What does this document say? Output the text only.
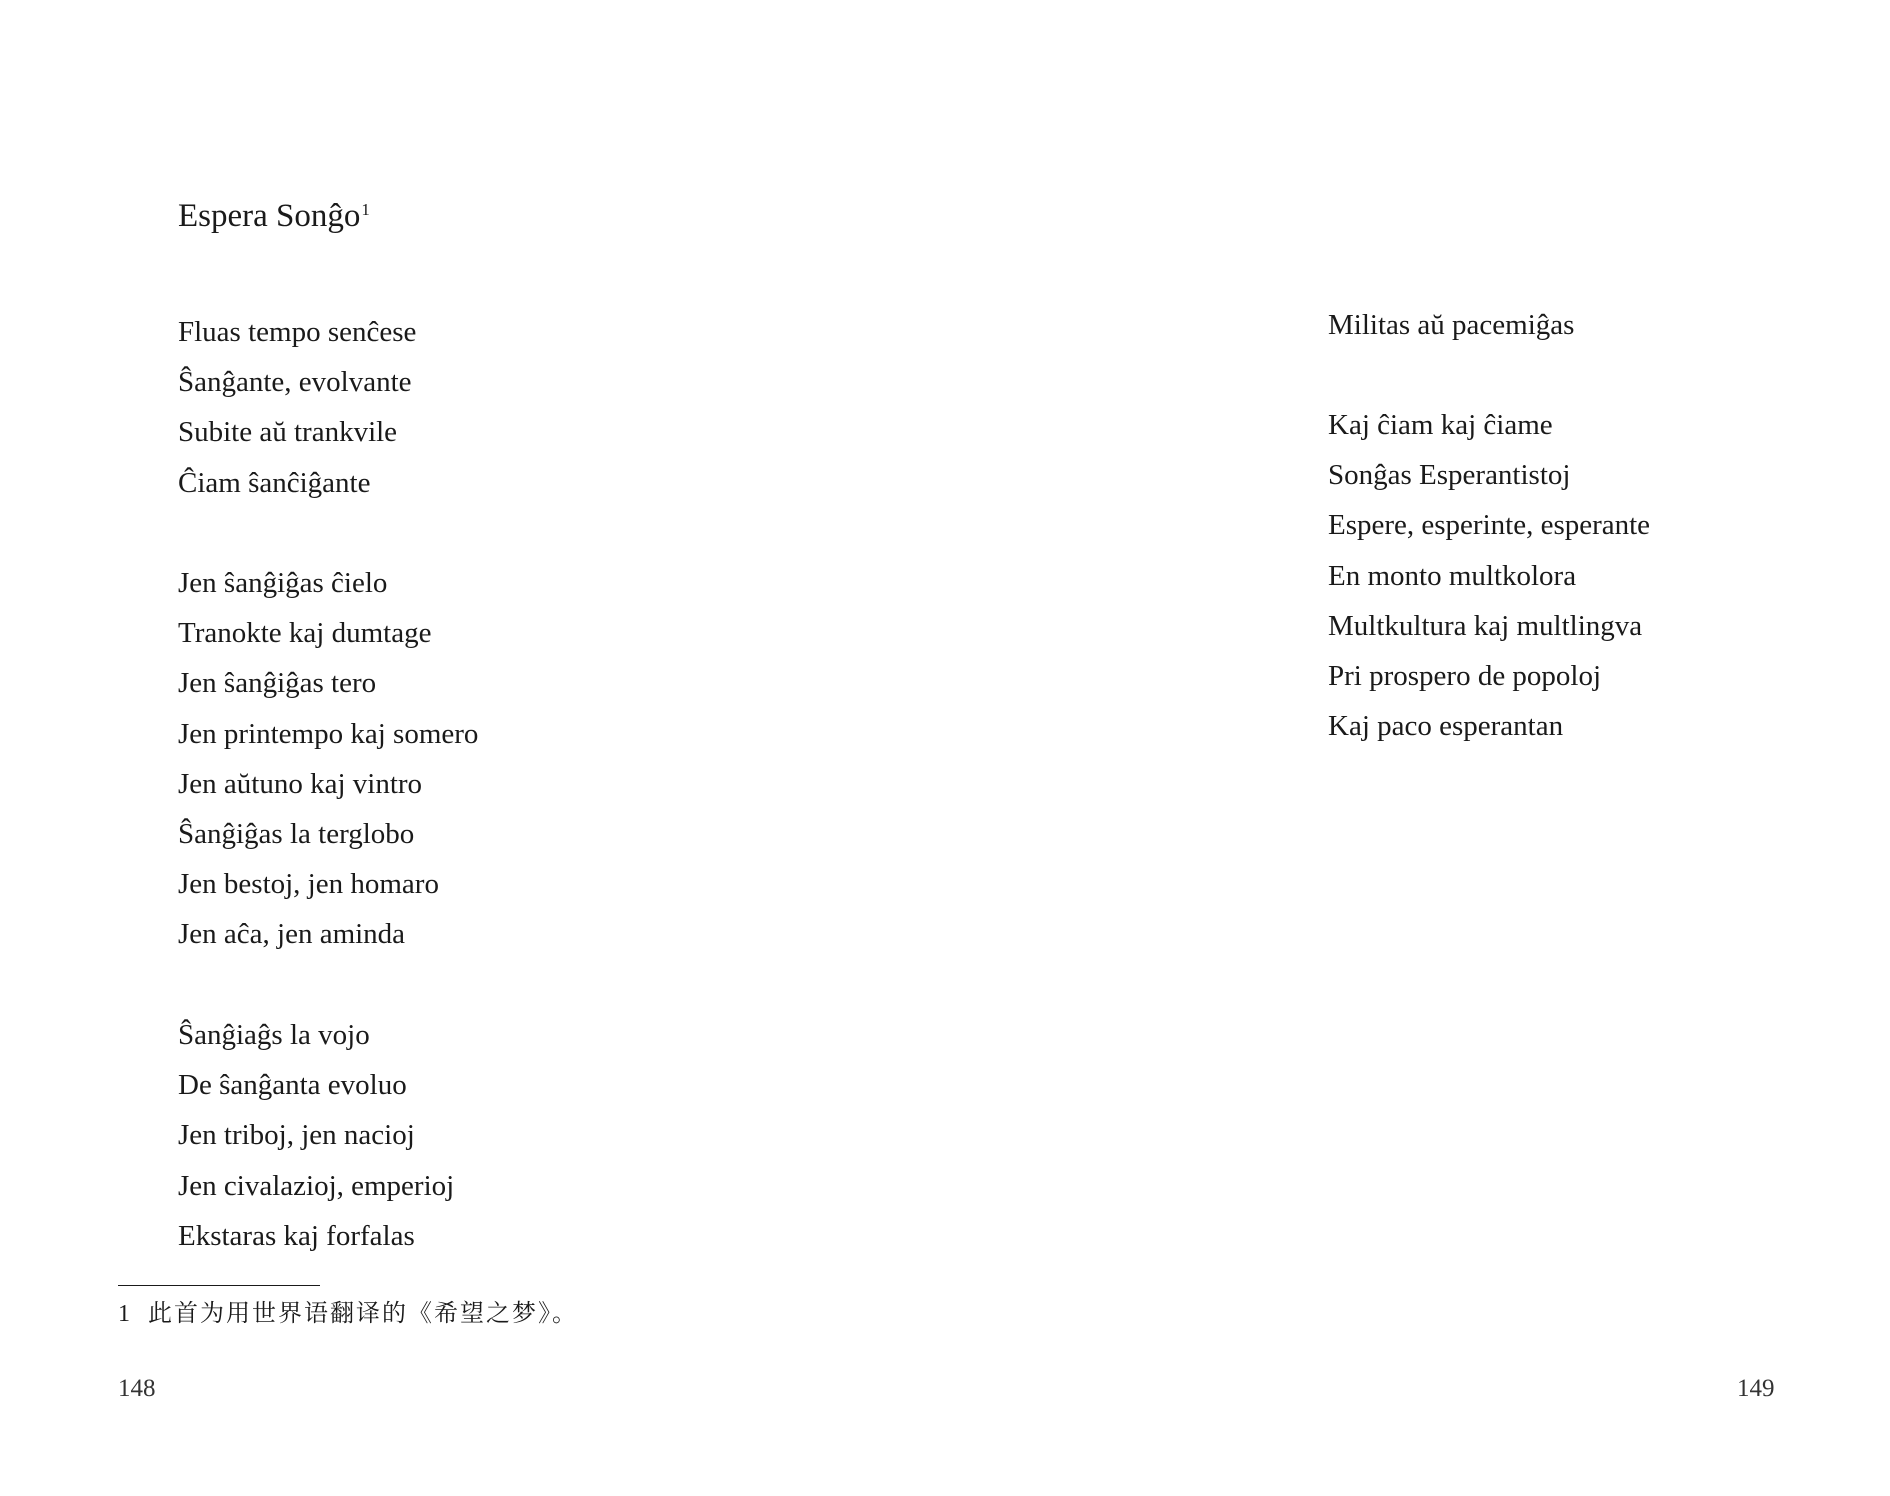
Espera Sonĝo$^1$
Fluas tempo senĉese
Ŝanĝante, evolvante
Subite aŭ trankvile
Ĉiam ŝanĉiĝante
Jen ŝanĝiĝas ĉielo
Tranokte kaj dumtage
Jen ŝanĝiĝas tero
Jen printempo kaj somero
Jen aŭtuno kaj vintro
Ŝanĝiĝas la terglobo
Jen bestoj, jen homaro
Jen aĉa, jen aminda
Ŝanĝiaĝs la vojo
De ŝanĝanta evoluo
Jen triboj, jen nacioj
Jen civalazioj, emperioj
Ekstaras kaj forfalas
1 此首为用世界语翻译的《希望之梦》。
148
Militas aŭ pacemiĝas
Kaj ĉiam kaj ĉiame
Sonĝas Esperantistoj
Espere, esperinte, esperante
En monto multkolora
Multkultura kaj multlingva
Pri prospero de popoloj
Kaj paco esperantan
149
